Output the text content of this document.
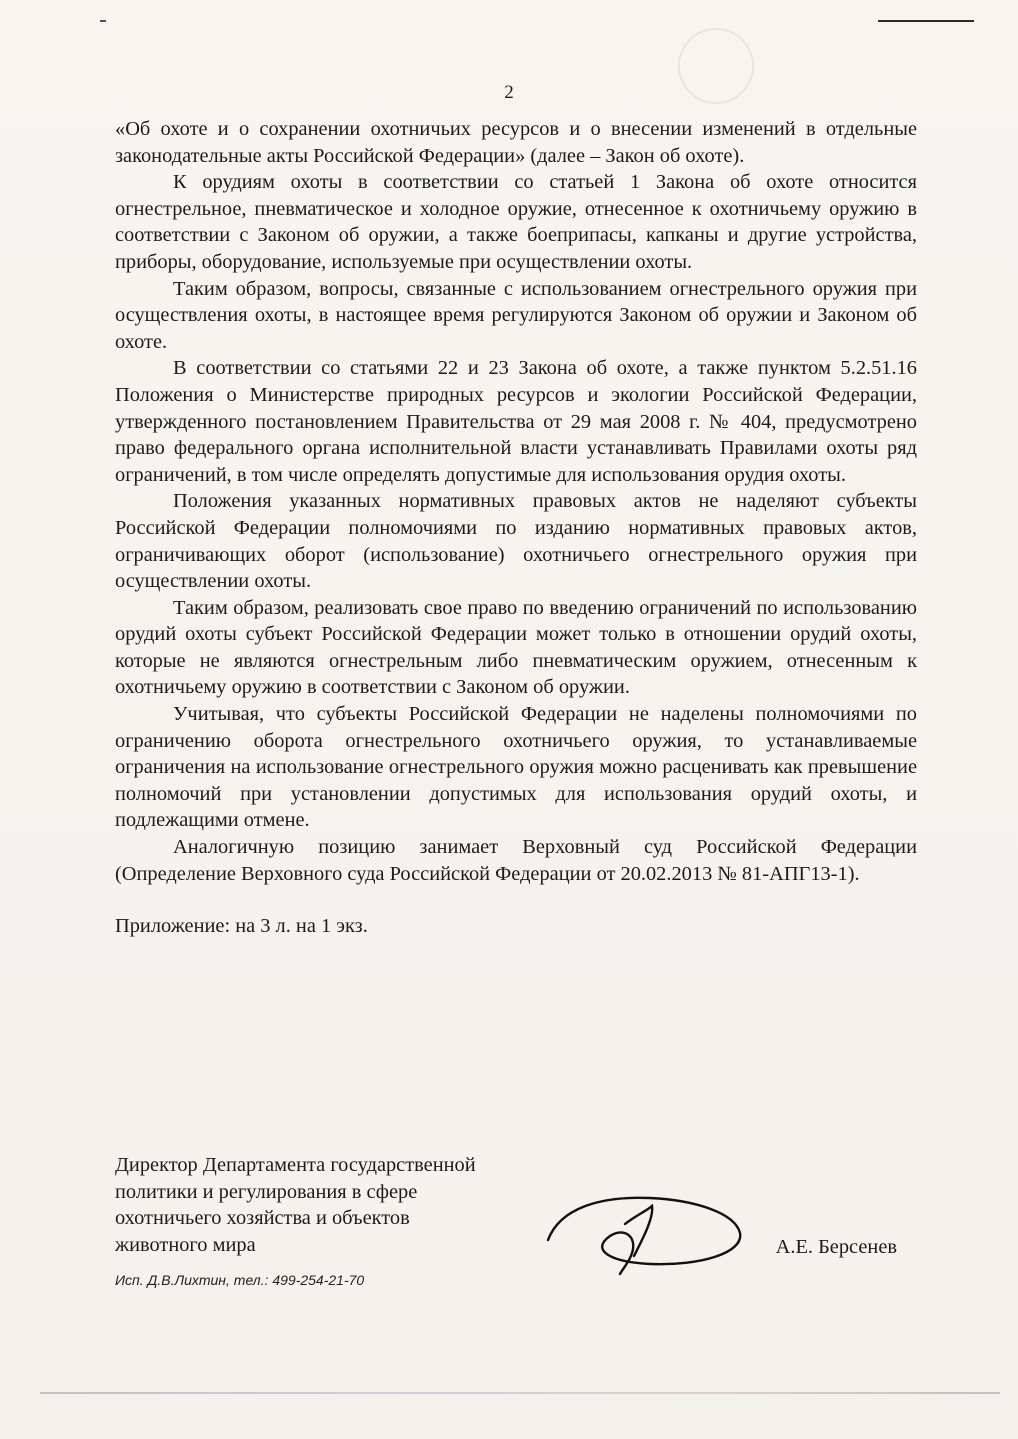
2

«Об охоте и о сохранении охотничьих ресурсов и о внесении изменений в отдельные законодательные акты Российской Федерации» (далее – Закон об охоте).

К орудиям охоты в соответствии со статьей 1 Закона об охоте относится огнестрельное, пневматическое и холодное оружие, отнесенное к охотничьему оружию в соответствии с Законом об оружии, а также боеприпасы, капканы и другие устройства, приборы, оборудование, используемые при осуществлении охоты.

Таким образом, вопросы, связанные с использованием огнестрельного оружия при осуществления охоты, в настоящее время регулируются Законом об оружии и Законом об охоте.

В соответствии со статьями 22 и 23 Закона об охоте, а также пунктом 5.2.51.16 Положения о Министерстве природных ресурсов и экологии Российской Федерации, утвержденного постановлением Правительства от 29 мая 2008 г. № 404, предусмотрено право федерального органа исполнительной власти устанавливать Правилами охоты ряд ограничений, в том числе определять допустимые для использования орудия охоты.

Положения указанных нормативных правовых актов не наделяют субъекты Российской Федерации полномочиями по изданию нормативных правовых актов, ограничивающих оборот (использование) охотничьего огнестрельного оружия при осуществлении охоты.

Таким образом, реализовать свое право по введению ограничений по использованию орудий охоты субъект Российской Федерации может только в отношении орудий охоты, которые не являются огнестрельным либо пневматическим оружием, отнесенным к охотничьему оружию в соответствии с Законом об оружии.

Учитывая, что субъекты Российской Федерации не наделены полномочиями по ограничению оборота огнестрельного охотничьего оружия, то устанавливаемые ограничения на использование огнестрельного оружия можно расценивать как превышение полномочий при установлении допустимых для использования орудий охоты, и подлежащими отмене.

Аналогичную позицию занимает Верховный суд Российской Федерации (Определение Верховного суда Российской Федерации от 20.02.2013 № 81-АПГ13-1).

Приложение: на 3 л. на 1 экз.

Директор Департамента государственной политики и регулирования в сфере охотничьего хозяйства и объектов животного мира	А.Е. Берсенев

Исп. Д.В.Лихтин, тел.: 499-254-21-70
